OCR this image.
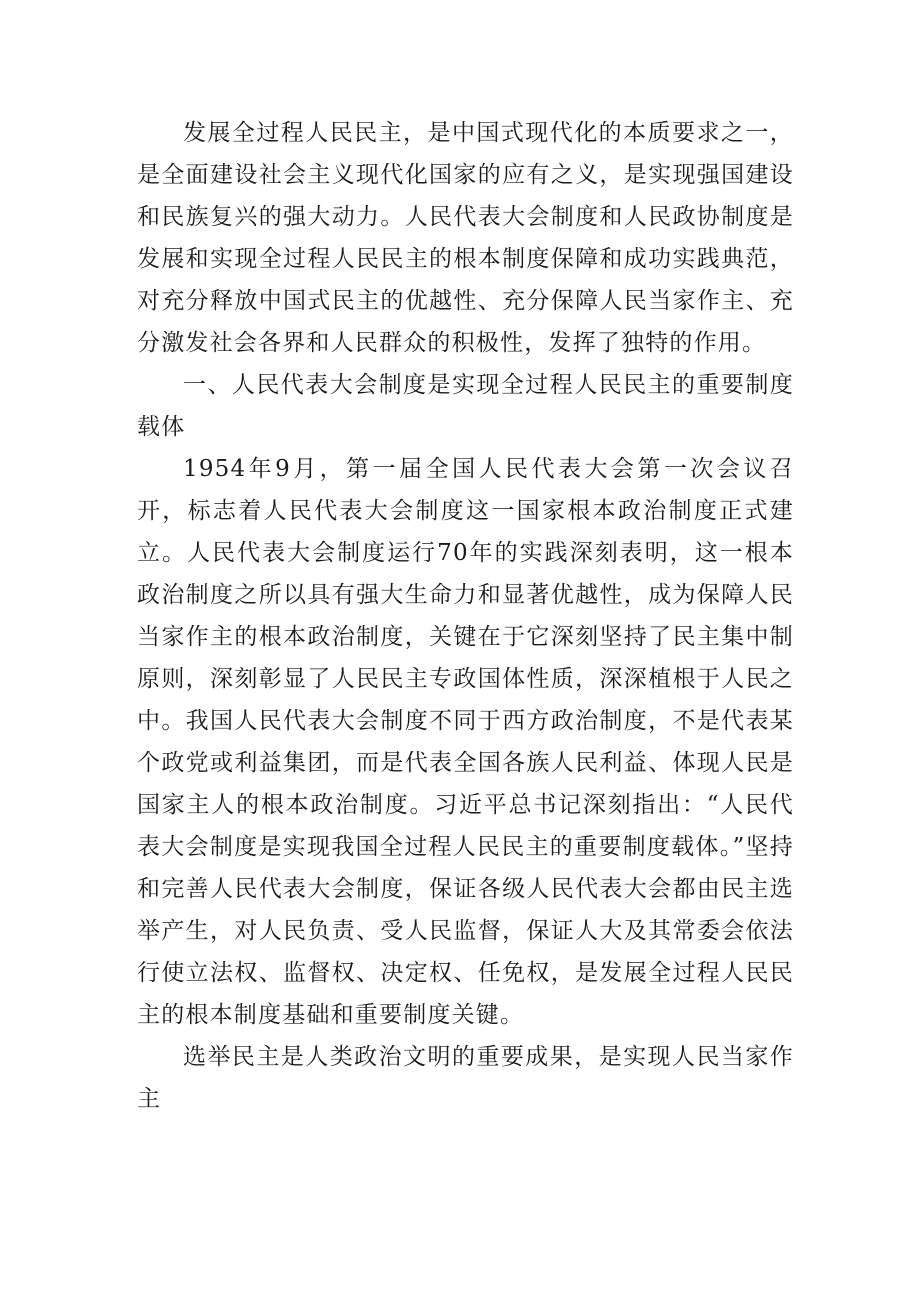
发展全过程人民民主，是中国式现代化的本质要求之一，是全面建设社会主义现代化国家的应有之义，是实现强国建设和民族复兴的强大动力。人民代表大会制度和人民政协制度是发展和实现全过程人民民主的根本制度保障和成功实践典范，对充分释放中国式民主的优越性、充分保障人民当家作主、充分激发社会各界和人民群众的积极性，发挥了独特的作用。

一、人民代表大会制度是实现全过程人民民主的重要制度载体

1954年9月，第一届全国人民代表大会第一次会议召开，标志着人民代表大会制度这一国家根本政治制度正式建立。人民代表大会制度运行70年的实践深刻表明，这一根本政治制度之所以具有强大生命力和显著优越性，成为保障人民当家作主的根本政治制度，关键在于它深刻坚持了民主集中制原则，深刻彰显了人民民主专政国体性质，深深植根于人民之中。我国人民代表大会制度不同于西方政治制度，不是代表某个政党或利益集团，而是代表全国各族人民利益、体现人民是国家主人的根本政治制度。习近平总书记深刻指出：“人民代表大会制度是实现我国全过程人民民主的重要制度载体。”坚持和完善人民代表大会制度，保证各级人民代表大会都由民主选举产生，对人民负责、受人民监督，保证人大及其常委会依法行使立法权、监督权、决定权、任免权，是发展全过程人民民主的根本制度基础和重要制度关键。

选举民主是人类政治文明的重要成果，是实现人民当家作主
